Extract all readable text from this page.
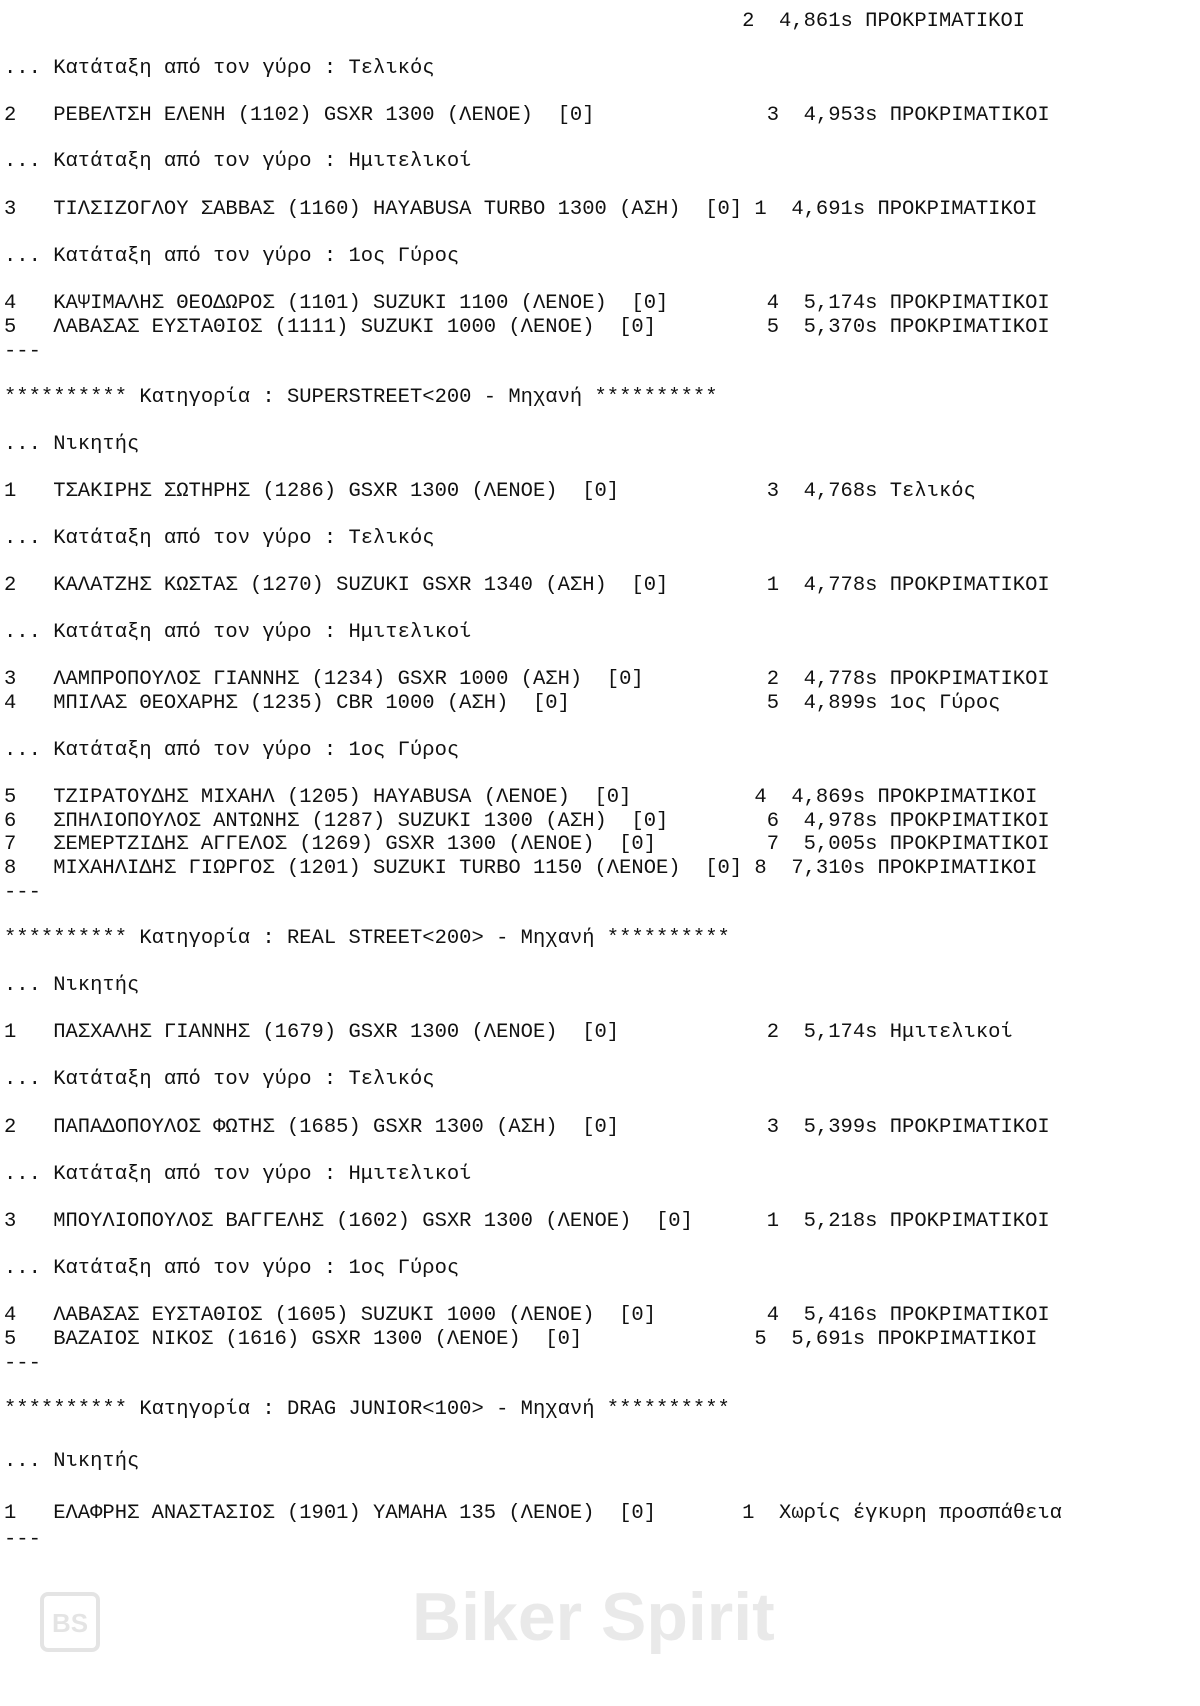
2  4,861s ΠΡΟΚΡΙΜΑΤΙΚΟΙ
... Κατάταξη από τον γύρο : Τελικός
2   ΡΕΒΕΛΤΣΗ ΕΛΕΝΗ (1102) GSXR 1300 (ΛΕΝΟΕ)  [0]              3  4,953s ΠΡΟΚΡΙΜΑΤΙΚΟΙ
... Κατάταξη από τον γύρο : Ημιτελικοί
3   ΤΙΛΣΙΖΟΓΛΟΥ ΣΑΒΒΑΣ (1160) HAYABUSA TURBO 1300 (ΑΣΗ)  [0] 1  4,691s ΠΡΟΚΡΙΜΑΤΙΚΟΙ
... Κατάταξη από τον γύρο : 1ος Γύρος
4   ΚΑΨΙΜΑΛΗΣ ΘΕΟΔΩΡΟΣ (1101) SUZUKI 1100 (ΛΕΝΟΕ)  [0]        4  5,174s ΠΡΟΚΡΙΜΑΤΙΚΟΙ
5   ΛΑΒΑΣΑΣ ΕΥΣΤΑΘΙΟΣ (1111) SUZUKI 1000 (ΛΕΝΟΕ)  [0]         5  5,370s ΠΡΟΚΡΙΜΑΤΙΚΟΙ
---
********** Κατηγορία : SUPERSTREET<200 - Μηχανή **********
... Νικητής
1   ΤΣΑΚΙΡΗΣ ΣΩΤΗΡΗΣ (1286) GSXR 1300 (ΛΕΝΟΕ)  [0]            3  4,768s Τελικός
... Κατάταξη από τον γύρο : Τελικός
2   ΚΑΛΑΤΖΗΣ ΚΩΣΤΑΣ (1270) SUZUKI GSXR 1340 (ΑΣΗ)  [0]        1  4,778s ΠΡΟΚΡΙΜΑΤΙΚΟΙ
... Κατάταξη από τον γύρο : Ημιτελικοί
3   ΛΑΜΠΡΟΠΟΥΛΟΣ ΓΙΑΝΝΗΣ (1234) GSXR 1000 (ΑΣΗ)  [0]          2  4,778s ΠΡΟΚΡΙΜΑΤΙΚΟΙ
4   ΜΠΙΛΑΣ ΘΕΟΧΑΡΗΣ (1235) CBR 1000 (ΑΣΗ)  [0]                5  4,899s 1ος Γύρος
... Κατάταξη από τον γύρο : 1ος Γύρος
5   ΤΖΙΡΑΤΟΥΔΗΣ ΜΙΧΑΗΛ (1205) HAYABUSA (ΛΕΝΟΕ)  [0]          4  4,869s ΠΡΟΚΡΙΜΑΤΙΚΟΙ
6   ΣΠΗΛΙΟΠΟΥΛΟΣ ΑΝΤΩΝΗΣ (1287) SUZUKI 1300 (ΑΣΗ)  [0]        6  4,978s ΠΡΟΚΡΙΜΑΤΙΚΟΙ
7   ΣΕΜΕΡΤΖΙΔΗΣ ΑΓΓΕΛΟΣ (1269) GSXR 1300 (ΛΕΝΟΕ)  [0]         7  5,005s ΠΡΟΚΡΙΜΑΤΙΚΟΙ
8   ΜΙΧΑΗΛΙΔΗΣ ΓΙΩΡΓΟΣ (1201) SUZUKI TURBO 1150 (ΛΕΝΟΕ)  [0] 8  7,310s ΠΡΟΚΡΙΜΑΤΙΚΟΙ
---
********** Κατηγορία : REAL STREET<200> - Μηχανή **********
... Νικητής
1   ΠΑΣΧΑΛΗΣ ΓΙΑΝΝΗΣ (1679) GSXR 1300 (ΛΕΝΟΕ)  [0]            2  5,174s Ημιτελικοί
... Κατάταξη από τον γύρο : Τελικός
2   ΠΑΠΑΔΟΠΟΥΛΟΣ ΦΩΤΗΣ (1685) GSXR 1300 (ΑΣΗ)  [0]            3  5,399s ΠΡΟΚΡΙΜΑΤΙΚΟΙ
... Κατάταξη από τον γύρο : Ημιτελικοί
3   ΜΠΟΥΛΙΟΠΟΥΛΟΣ ΒΑΓΓΕΛΗΣ (1602) GSXR 1300 (ΛΕΝΟΕ)  [0]      1  5,218s ΠΡΟΚΡΙΜΑΤΙΚΟΙ
... Κατάταξη από τον γύρο : 1ος Γύρος
4   ΛΑΒΑΣΑΣ ΕΥΣΤΑΘΙΟΣ (1605) SUZUKI 1000 (ΛΕΝΟΕ)  [0]         4  5,416s ΠΡΟΚΡΙΜΑΤΙΚΟΙ
5   ΒΑΖΑΙΟΣ ΝΙΚΟΣ (1616) GSXR 1300 (ΛΕΝΟΕ)  [0]              5  5,691s ΠΡΟΚΡΙΜΑΤΙΚΟΙ
---
********** Κατηγορία : DRAG JUNIOR<100> - Μηχανή **********
... Νικητής
1   ΕΛΑΦΡΗΣ ΑΝΑΣΤΑΣΙΟΣ (1901) YAMAHA 135 (ΛΕΝΟΕ)  [0]       1  Χωρίς έγκυρη προσπάθεια
---
BS	Biker Spirit
